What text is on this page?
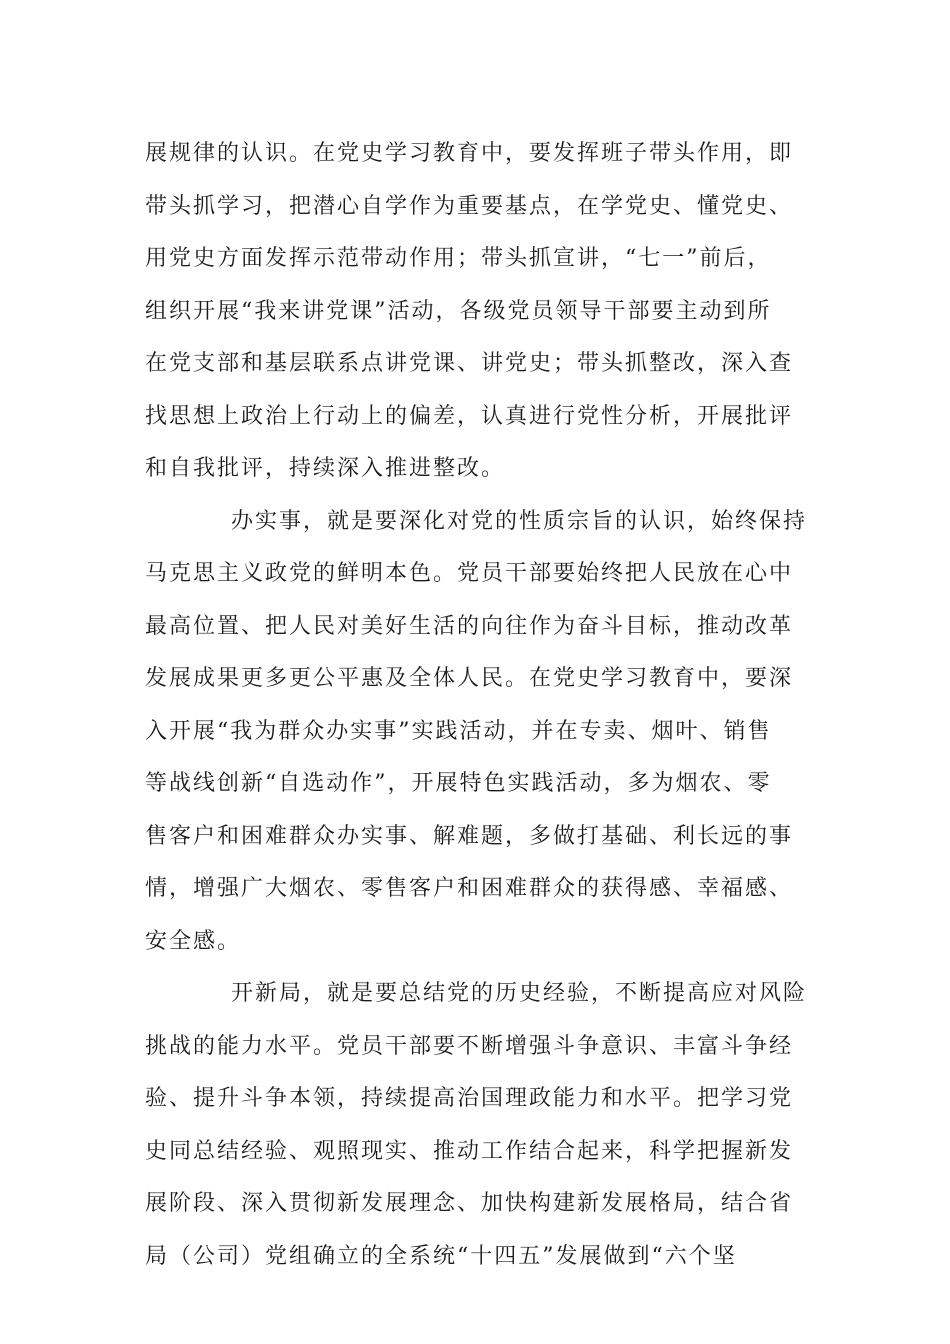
展规律的认识。在党史学习教育中，要发挥班子带头作用，即
带头抓学习，把潜心自学作为重要基点，在学党史、懂党史、
用党史方面发挥示范带动作用；带头抓宣讲，“七一”前后，
组织开展“我来讲党课”活动，各级党员领导干部要主动到所
在党支部和基层联系点讲党课、讲党史；带头抓整改，深入查
找思想上政治上行动上的偏差，认真进行党性分析，开展批评
和自我批评，持续深入推进整改。
办实事，就是要深化对党的性质宗旨的认识，始终保持
马克思主义政党的鲜明本色。党员干部要始终把人民放在心中
最高位置、把人民对美好生活的向往作为奋斗目标，推动改革
发展成果更多更公平惠及全体人民。在党史学习教育中，要深
入开展“我为群众办实事”实践活动，并在专卖、烟叶、销售
等战线创新“自选动作”，开展特色实践活动，多为烟农、零
售客户和困难群众办实事、解难题，多做打基础、利长远的事
情，增强广大烟农、零售客户和困难群众的获得感、幸福感、
安全感。
开新局，就是要总结党的历史经验，不断提高应对风险
挑战的能力水平。党员干部要不断增强斗争意识、丰富斗争经
验、提升斗争本领，持续提高治国理政能力和水平。把学习党
史同总结经验、观照现实、推动工作结合起来，科学把握新发
展阶段、深入贯彻新发展理念、加快构建新发展格局，结合省
局（公司）党组确立的全系统“十四五”发展做到“六个坚
